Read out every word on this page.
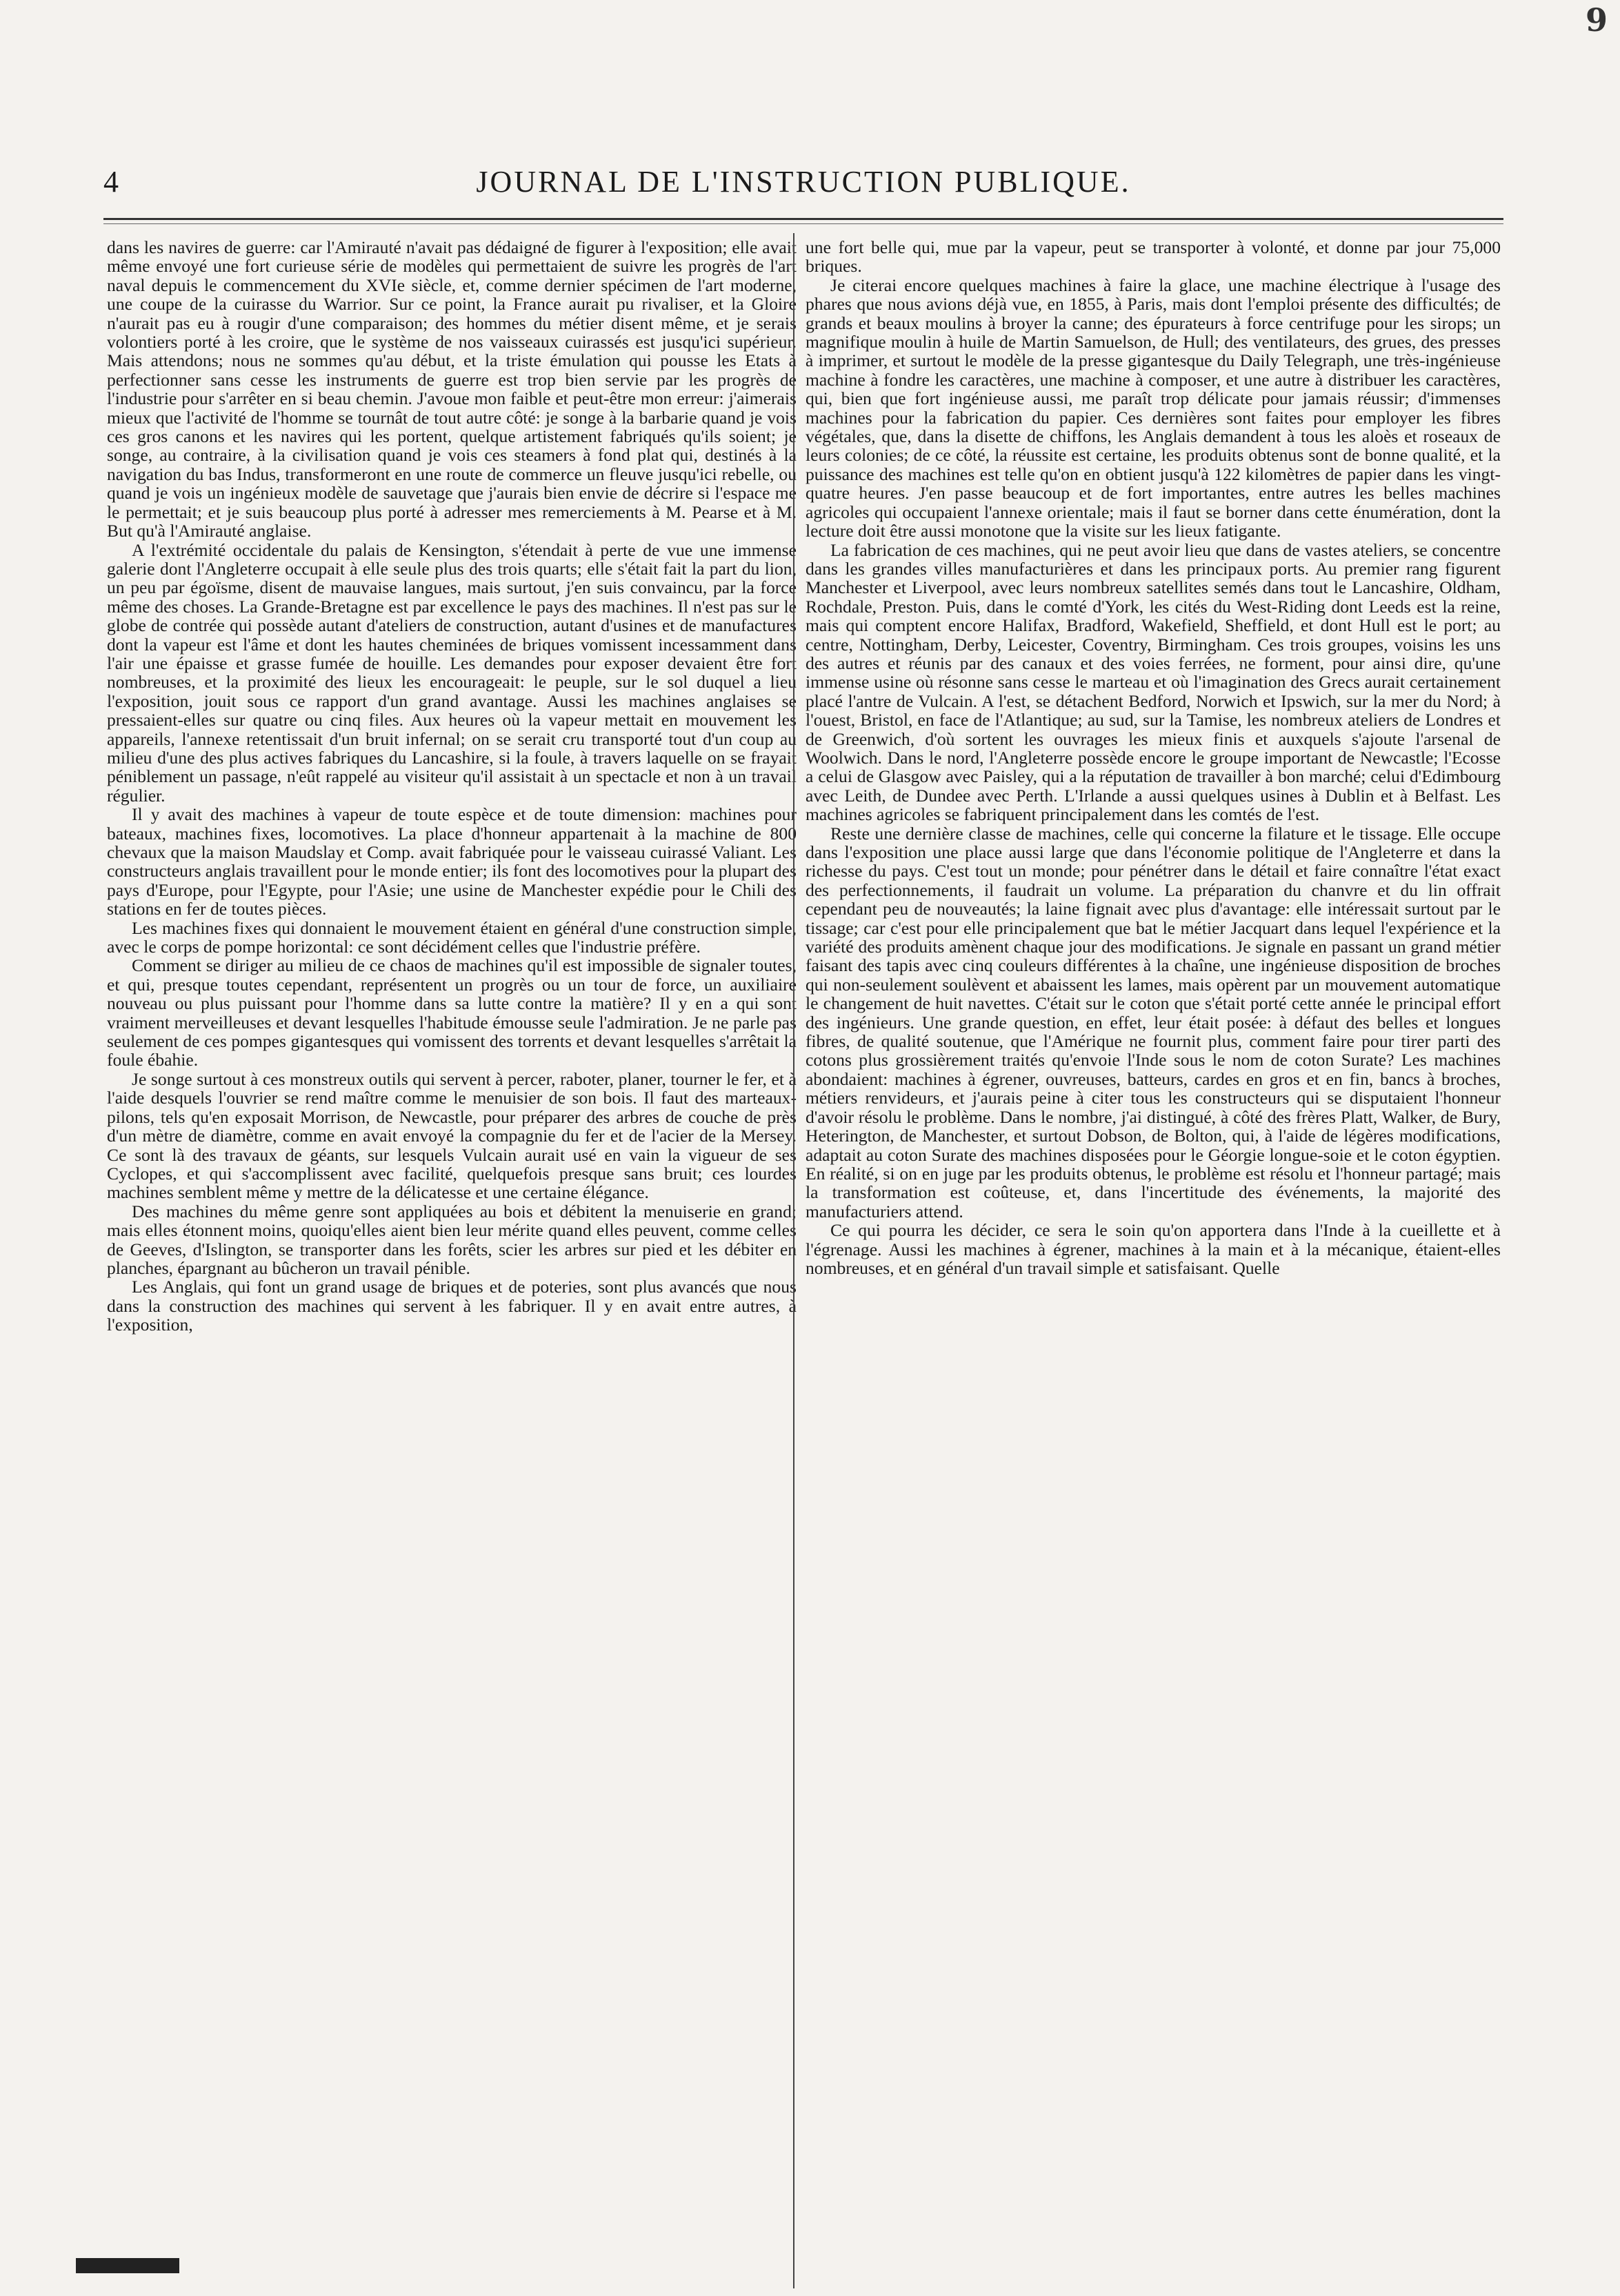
9
4	JOURNAL DE L'INSTRUCTION PUBLIQUE.

dans les navires de guerre: car l'Amirauté n'avait pas dédaigné de figurer à l'exposition; elle avait même envoyé une fort curieuse série de modèles qui permettaient de suivre les progrès de l'art naval depuis le commencement du XVIe siècle, et, comme dernier spécimen de l'art moderne, une coupe de la cuirasse du Warrior. Sur ce point, la France aurait pu rivaliser, et la Gloire n'aurait pas eu à rougir d'une comparaison; des hommes du métier disent même, et je serais volontiers porté à les croire, que le système de nos vaisseaux cuirassés est jusqu'ici supérieur. Mais attendons; nous ne sommes qu'au début, et la triste émulation qui pousse les Etats à perfectionner sans cesse les instruments de guerre est trop bien servie par les progrès de l'industrie pour s'arrêter en si beau chemin. J'avoue mon faible et peut-être mon erreur: j'aimerais mieux que l'activité de l'homme se tournât de tout autre côté: je songe à la barbarie quand je vois ces gros canons et les navires qui les portent, quelque artistement fabriqués qu'ils soient; je songe, au contraire, à la civilisation quand je vois ces steamers à fond plat qui, destinés à la navigation du bas Indus, transformeront en une route de commerce un fleuve jusqu'ici rebelle, ou quand je vois un ingénieux modèle de sauvetage que j'aurais bien envie de décrire si l'espace me le permettait; et je suis beaucoup plus porté à adresser mes remerciements à M. Pearse et à M. But qu'à l'Amirauté anglaise.

A l'extrémité occidentale du palais de Kensington, s'étendait à perte de vue une immense galerie dont l'Angleterre occupait à elle seule plus des trois quarts; elle s'était fait la part du lion, un peu par égoïsme, disent de mauvaise langues, mais surtout, j'en suis convaincu, par la force même des choses. La Grande-Bretagne est par excellence le pays des machines. Il n'est pas sur le globe de contrée qui possède autant d'ateliers de construction, autant d'usines et de manufactures dont la vapeur est l'âme et dont les hautes cheminées de briques vomissent incessamment dans l'air une épaisse et grasse fumée de houille. Les demandes pour exposer devaient être fort nombreuses, et la proximité des lieux les encourageait: le peuple, sur le sol duquel a lieu l'exposition, jouit sous ce rapport d'un grand avantage. Aussi les machines anglaises se pressaient-elles sur quatre ou cinq files. Aux heures où la vapeur mettait en mouvement les appareils, l'annexe retentissait d'un bruit infernal; on se serait cru transporté tout d'un coup au milieu d'une des plus actives fabriques du Lancashire, si la foule, à travers laquelle on se frayait péniblement un passage, n'eût rappelé au visiteur qu'il assistait à un spectacle et non à un travail régulier.

Il y avait des machines à vapeur de toute espèce et de toute dimension: machines pour bateaux, machines fixes, locomotives. La place d'honneur appartenait à la machine de 800 chevaux que la maison Maudslay et Comp. avait fabriquée pour le vaisseau cuirassé Valiant. Les constructeurs anglais travaillent pour le monde entier; ils font des locomotives pour la plupart des pays d'Europe, pour l'Egypte, pour l'Asie; une usine de Manchester expédie pour le Chili des stations en fer de toutes pièces.

Les machines fixes qui donnaient le mouvement étaient en général d'une construction simple, avec le corps de pompe horizontal: ce sont décidément celles que l'industrie préfère.

Comment se diriger au milieu de ce chaos de machines qu'il est impossible de signaler toutes, et qui, presque toutes cependant, représentent un progrès ou un tour de force, un auxiliaire nouveau ou plus puissant pour l'homme dans sa lutte contre la matière? Il y en a qui sont vraiment merveilleuses et devant lesquelles l'habitude émousse seule l'admiration. Je ne parle pas seulement de ces pompes gigantesques qui vomissent des torrents et devant lesquelles s'arrêtait la foule ébahie.

Je songe surtout à ces monstreux outils qui servent à percer, raboter, planer, tourner le fer, et à l'aide desquels l'ouvrier se rend maître comme le menuisier de son bois. Il faut des marteaux-pilons, tels qu'en exposait Morrison, de Newcastle, pour préparer des arbres de couche de près d'un mètre de diamètre, comme en avait envoyé la compagnie du fer et de l'acier de la Mersey. Ce sont là des travaux de géants, sur lesquels Vulcain aurait usé en vain la vigueur de ses Cyclopes, et qui s'accomplissent avec facilité, quelquefois presque sans bruit; ces lourdes machines semblent même y mettre de la délicatesse et une certaine élégance.

Des machines du même genre sont appliquées au bois et débitent la menuiserie en grand; mais elles étonnent moins, quoiqu'elles aient bien leur mérite quand elles peuvent, comme celles de Geeves, d'Islington, se transporter dans les forêts, scier les arbres sur pied et les débiter en planches, épargnant au bûcheron un travail pénible.

Les Anglais, qui font un grand usage de briques et de poteries, sont plus avancés que nous dans la construction des machines qui servent à les fabriquer. Il y en avait entre autres, à l'exposition,

une fort belle qui, mue par la vapeur, peut se transporter à volonté, et donne par jour 75,000 briques.

Je citerai encore quelques machines à faire la glace, une machine électrique à l'usage des phares que nous avions déjà vue, en 1855, à Paris, mais dont l'emploi présente des difficultés; de grands et beaux moulins à broyer la canne; des épurateurs à force centrifuge pour les sirops; un magnifique moulin à huile de Martin Samuelson, de Hull; des ventilateurs, des grues, des presses à imprimer, et surtout le modèle de la presse gigantesque du Daily Telegraph, une très-ingénieuse machine à fondre les caractères, une machine à composer, et une autre à distribuer les caractères, qui, bien que fort ingénieuse aussi, me paraît trop délicate pour jamais réussir; d'immenses machines pour la fabrication du papier. Ces dernières sont faites pour employer les fibres végétales, que, dans la disette de chiffons, les Anglais demandent à tous les aloès et roseaux de leurs colonies; de ce côté, la réussite est certaine, les produits obtenus sont de bonne qualité, et la puissance des machines est telle qu'on en obtient jusqu'à 122 kilomètres de papier dans les vingt-quatre heures. J'en passe beaucoup et de fort importantes, entre autres les belles machines agricoles qui occupaient l'annexe orientale; mais il faut se borner dans cette énumération, dont la lecture doit être aussi monotone que la visite sur les lieux fatigante.

La fabrication de ces machines, qui ne peut avoir lieu que dans de vastes ateliers, se concentre dans les grandes villes manufacturières et dans les principaux ports. Au premier rang figurent Manchester et Liverpool, avec leurs nombreux satellites semés dans tout le Lancashire, Oldham, Rochdale, Preston. Puis, dans le comté d'York, les cités du West-Riding dont Leeds est la reine, mais qui comptent encore Halifax, Bradford, Wakefield, Sheffield, et dont Hull est le port; au centre, Nottingham, Derby, Leicester, Coventry, Birmingham. Ces trois groupes, voisins les uns des autres et réunis par des canaux et des voies ferrées, ne forment, pour ainsi dire, qu'une immense usine où résonne sans cesse le marteau et où l'imagination des Grecs aurait certainement placé l'antre de Vulcain. A l'est, se détachent Bedford, Norwich et Ipswich, sur la mer du Nord; à l'ouest, Bristol, en face de l'Atlantique; au sud, sur la Tamise, les nombreux ateliers de Londres et de Greenwich, d'où sortent les ouvrages les mieux finis et auxquels s'ajoute l'arsenal de Woolwich. Dans le nord, l'Angleterre possède encore le groupe important de Newcastle; l'Ecosse a celui de Glasgow avec Paisley, qui a la réputation de travailler à bon marché; celui d'Edimbourg avec Leith, de Dundee avec Perth. L'Irlande a aussi quelques usines à Dublin et à Belfast. Les machines agricoles se fabriquent principalement dans les comtés de l'est.

Reste une dernière classe de machines, celle qui concerne la filature et le tissage. Elle occupe dans l'exposition une place aussi large que dans l'économie politique de l'Angleterre et dans la richesse du pays. C'est tout un monde; pour pénétrer dans le détail et faire connaître l'état exact des perfectionnements, il faudrait un volume. La préparation du chanvre et du lin offrait cependant peu de nouveautés; la laine fignait avec plus d'avantage: elle intéressait surtout par le tissage; car c'est pour elle principalement que bat le métier Jacquart dans lequel l'expérience et la variété des produits amènent chaque jour des modifications. Je signale en passant un grand métier faisant des tapis avec cinq couleurs différentes à la chaîne, une ingénieuse disposition de broches qui non-seulement soulèvent et abaissent les lames, mais opèrent par un mouvement automatique le changement de huit navettes. C'était sur le coton que s'était porté cette année le principal effort des ingénieurs. Une grande question, en effet, leur était posée: à défaut des belles et longues fibres, de qualité soutenue, que l'Amérique ne fournit plus, comment faire pour tirer parti des cotons plus grossièrement traités qu'envoie l'Inde sous le nom de coton Surate? Les machines abondaient: machines à égrener, ouvreuses, batteurs, cardes en gros et en fin, bancs à broches, métiers renvideurs, et j'aurais peine à citer tous les constructeurs qui se disputaient l'honneur d'avoir résolu le problème. Dans le nombre, j'ai distingué, à côté des frères Platt, Walker, de Bury, Heterington, de Manchester, et surtout Dobson, de Bolton, qui, à l'aide de légères modifications, adaptait au coton Surate des machines disposées pour le Géorgie longue-soie et le coton égyptien. En réalité, si on en juge par les produits obtenus, le problème est résolu et l'honneur partagé; mais la transformation est coûteuse, et, dans l'incertitude des événements, la majorité des manufacturiers attend.

Ce qui pourra les décider, ce sera le soin qu'on apportera dans l'Inde à la cueillette et à l'égrenage. Aussi les machines à égrener, machines à la main et à la mécanique, étaient-elles nombreuses, et en général d'un travail simple et satisfaisant. Quelle
